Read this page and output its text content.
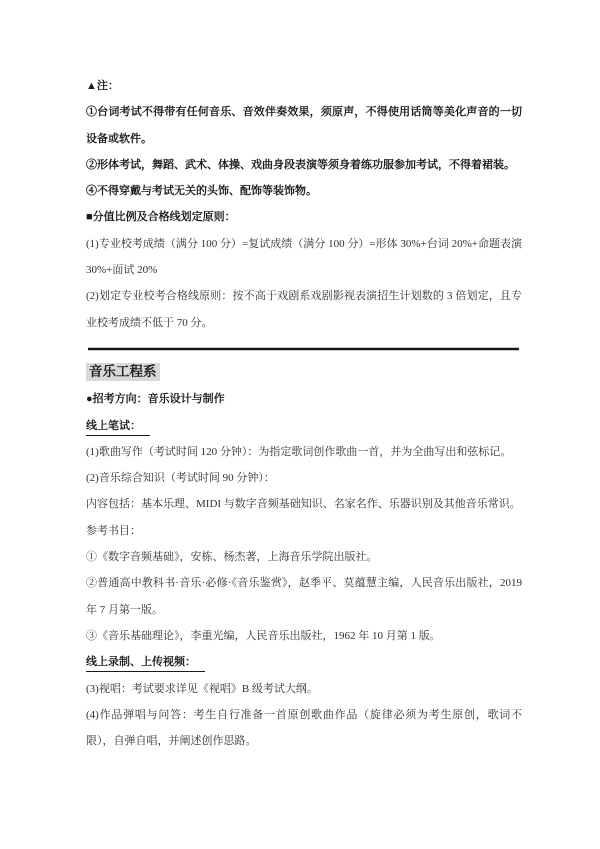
▲注：

①台词考试不得带有任何音乐、音效伴奏效果，须原声，不得使用话筒等美化声音的一切设备或软件。

②形体考试，舞蹈、武术、体操、戏曲身段表演等须身着练功服参加考试，不得着裙装。

④不得穿戴与考试无关的头饰、配饰等装饰物。

■分值比例及合格线划定原则：

(1)专业校考成绩（满分 100 分）=复试成绩（满分 100 分）=形体 30%+台词 20%+命题表演 30%+面试 20%

(2)划定专业校考合格线原则：按不高于戏剧系戏剧影视表演招生计划数的 3 倍划定，且专业校考成绩不低于 70 分。

音乐工程系

●招考方向：音乐设计与制作

线上笔试：

(1)歌曲写作（考试时间 120 分钟）：为指定歌词创作歌曲一首，并为全曲写出和弦标记。

(2)音乐综合知识（考试时间 90 分钟）：

内容包括：基本乐理、MIDI 与数字音频基础知识、名家名作、乐器识别及其他音乐常识。

参考书目：

①《数字音频基础》，安栋、杨杰著，上海音乐学院出版社。

②普通高中教科书·音乐·必修·《音乐鉴赏》，赵季平、莫蕴慧主编，人民音乐出版社，2019 年 7 月第一版。

③《音乐基础理论》，李重光编，人民音乐出版社，1962 年 10 月第 1 版。

线上录制、上传视频：

(3)视唱：考试要求详见《视唱》B 级考试大纲。

(4)作品弹唱与问答：考生自行准备一首原创歌曲作品（旋律必须为考生原创，歌词不限），自弹自唱，并阐述创作思路。
